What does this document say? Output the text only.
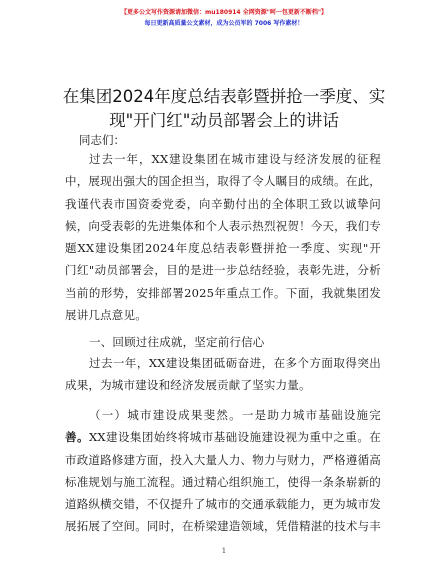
【更多公文写作资源请加微信：mu180914 全网资源"呵一包更新不断档"】
每日更新高质量公文素材，成为公员军的 7006 写作素材！
在集团2024年度总结表彰暨拼抢一季度、实
现"开门红"动员部署会上的讲话
同志们：
过去一年，XX建设集团在城市建设与经济发展的征程
中，展现出强大的国企担当，取得了令人瞩目的成绩。在此，
我谨代表市国资委党委，向辛勤付出的全体职工致以诚挚问
候，向受表彰的先进集体和个人表示热烈祝贺！今天，我们专
题XX建设集团2024年度总结表彰暨拼抢一季度、实现"开
门红"动员部署会，目的是进一步总结经验，表彰先进，分析
当前的形势，安排部署2025年重点工作。下面，我就集团发
展讲几点意见。
一、回顾过往成就，坚定前行信心
过去一年，XX建设集团砥砺奋进，在多个方面取得突出
成果，为城市建设和经济发展贡献了坚实力量。
（一）城市建设成果斐然。一是助力城市基础设施完
善。XX建设集团始终将城市基础设施建设视为重中之重。在
市政道路修建方面，投入大量人力、物力与财力，严格遵循高
标准规划与施工流程。通过精心组织施工，使得一条条崭新的
道路纵横交错，不仅提升了城市的交通承载能力，更为城市发
展拓展了空间。同时，在桥梁建造领域，凭借精湛的技术与丰
1
